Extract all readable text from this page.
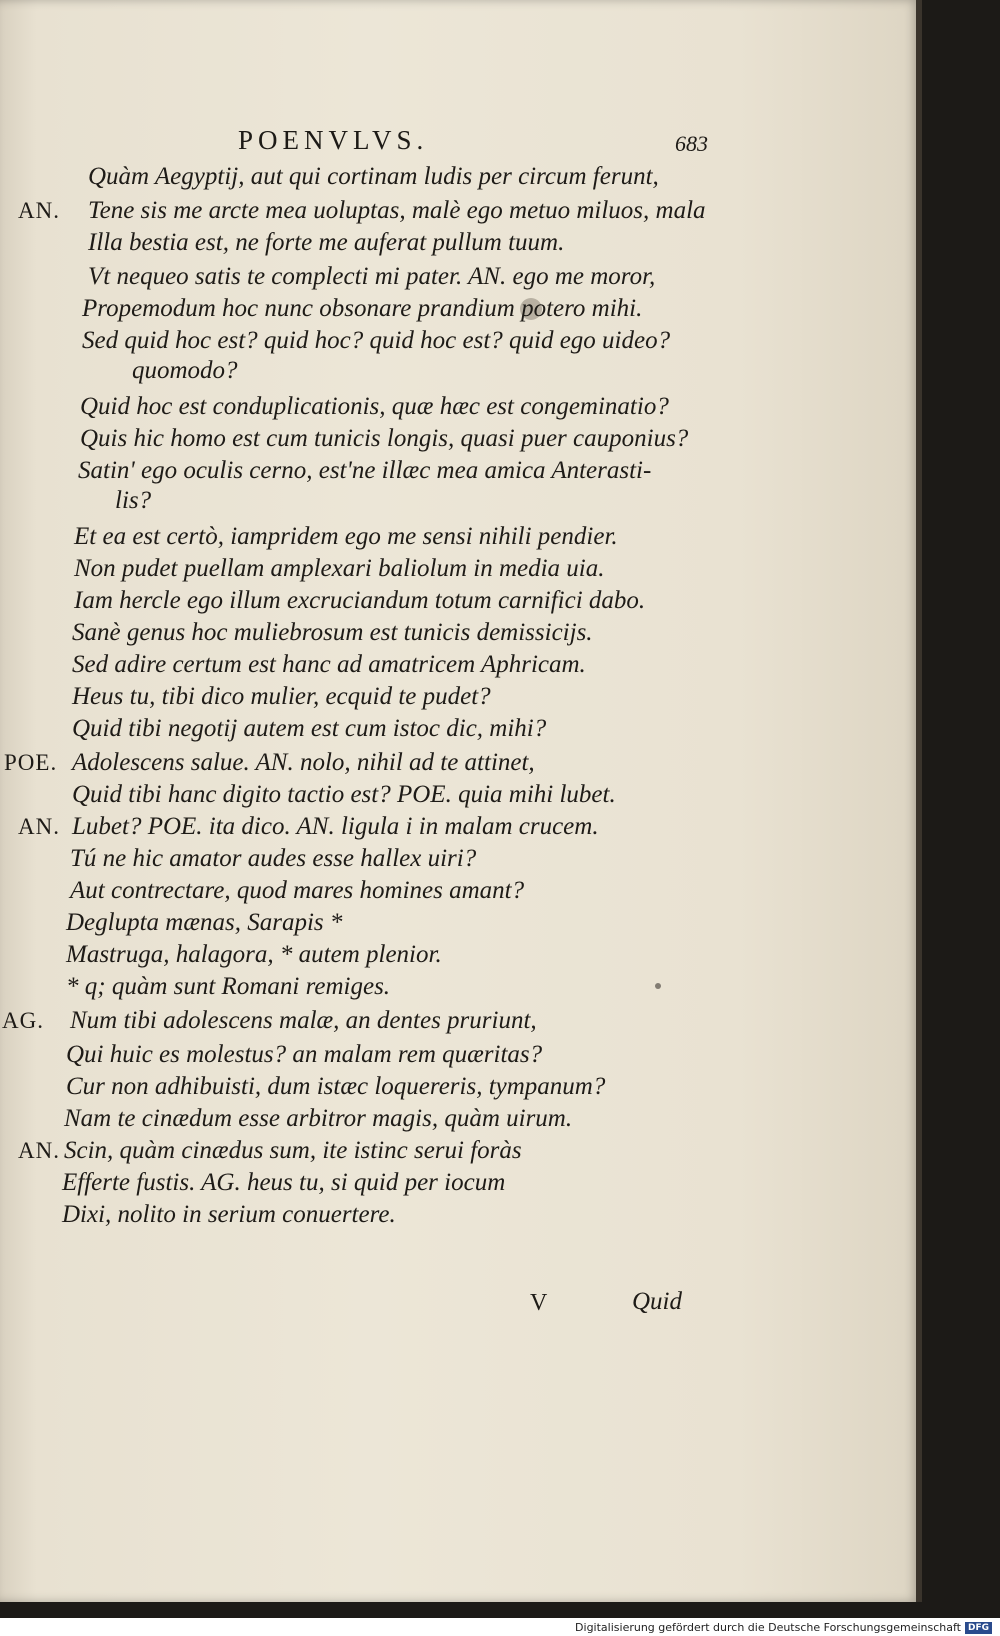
POENVLVS.	683
Quàm Aegyptij, aut qui cortinam ludis per circum ferunt,
AN. Tene sis me arcte mea uoluptas, malè ego metuo miluos, mala
Illa bestia est, ne forte me auferat pullum tuum.
Vt nequeo satis te complecti mi pater. AN. ego me moror,
Propemodum hoc nunc obsonare prandium potero mihi.
Sed quid hoc est? quid hoc? quid hoc est? quid ego uideo?
quomodo?
Quid hoc est conduplicationis, quæ hæc est congeminatio?
Quis hic homo est cum tunicis longis, quasi puer cauponius?
Satin' ego oculis cerno, est'ne illæc mea amica Anterasti-
lis?
Et ea est certò, iampridem ego me sensi nihili pendier.
Non pudet puellam amplexari baliolum in media uia.
Iam hercle ego illum excruciandum totum carnifici dabo.
Sanè genus hoc muliebrosum est tunicis demissicijs.
Sed adire certum est hanc ad amatricem Aphricam.
Heus tu, tibi dico mulier, ecquid te pudet?
Quid tibi negotij autem est cum istoc dic, mihi?
POE. Adolescens salue. AN. nolo, nihil ad te attinet,
Quid tibi hanc digito tactio est? POE. quia mihi lubet.
AN. Lubet? POE. ita dico. AN. ligula i in malam crucem.
Tú ne hic amator audes esse hallex uiri?
Aut contrectare, quod mares homines amant?
Deglupta mænas, Sarapis *
Mastruga, halagora, * autem plenior.
* q; quàm sunt Romani remiges.
AG. Num tibi adolescens malæ, an dentes pruriunt,
Qui huic es molestus? an malam rem quæritas?
Cur non adhibuisti, dum istæc loquereris, tympanum?
Nam te cinædum esse arbitror magis, quàm uirum.
AN. Scin, quàm cinædus sum, ite istinc serui foràs
Efferte fustis. AG. heus tu, si quid per iocum
Dixi, nolito in serium conuertere.
V	Quid
Digitalisierung gefördert durch die Deutsche Forschungsgemeinschaft DFG
